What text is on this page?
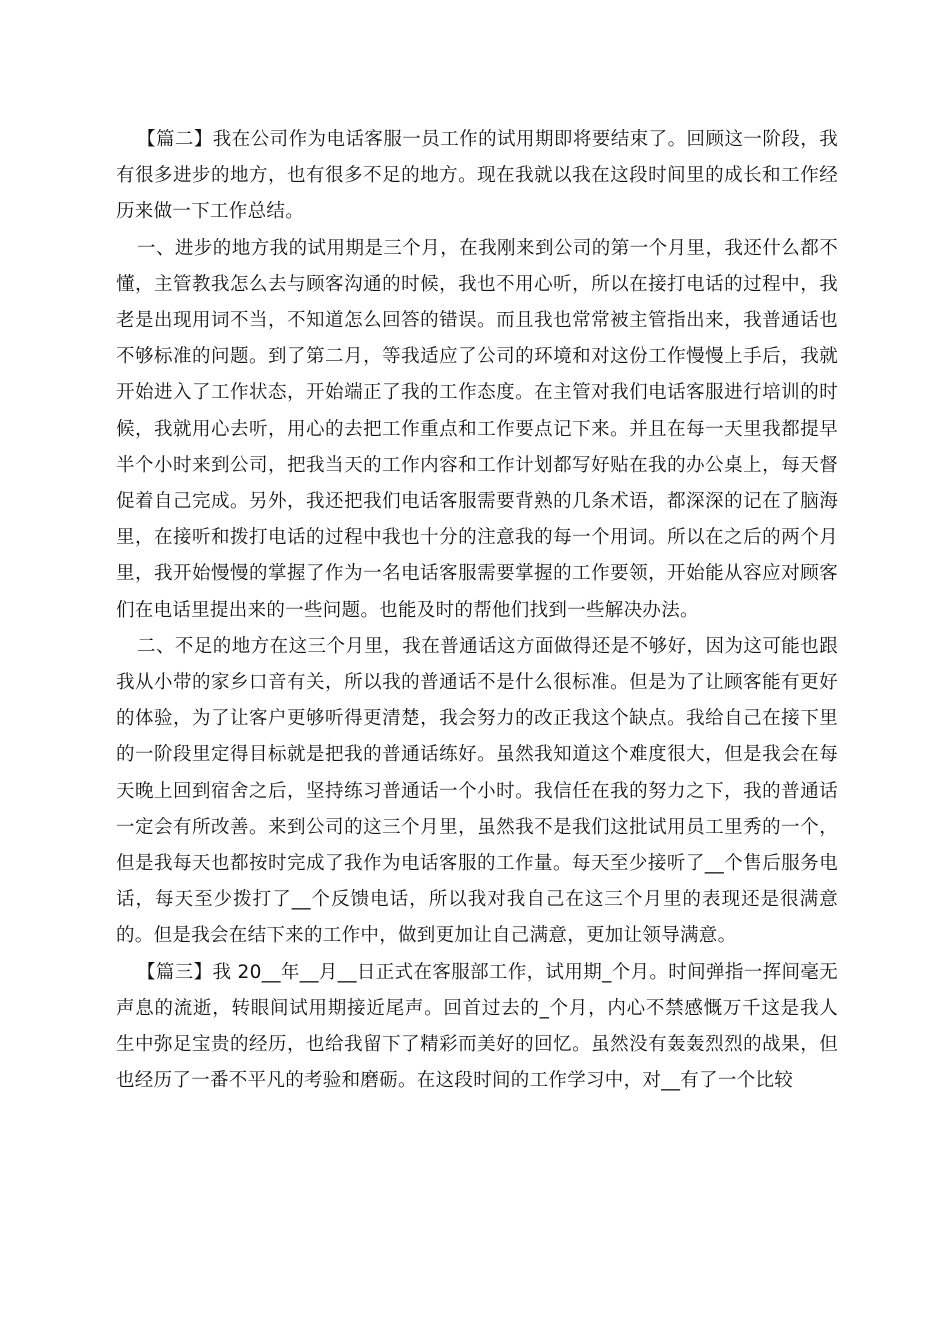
【篇二】我在公司作为电话客服一员工作的试用期即将要结束了。回顾这一阶段，我有很多进步的地方，也有很多不足的地方。现在我就以我在这段时间里的成长和工作经历来做一下工作总结。

一、进步的地方我的试用期是三个月，在我刚来到公司的第一个月里，我还什么都不懂，主管教我怎么去与顾客沟通的时候，我也不用心听，所以在接打电话的过程中，我老是出现用词不当，不知道怎么回答的错误。而且我也常常被主管指出来，我普通话也不够标准的问题。到了第二月，等我适应了公司的环境和对这份工作慢慢上手后，我就开始进入了工作状态，开始端正了我的工作态度。在主管对我们电话客服进行培训的时候，我就用心去听，用心的去把工作重点和工作要点记下来。并且在每一天里我都提早半个小时来到公司，把我当天的工作内容和工作计划都写好贴在我的办公桌上，每天督促着自己完成。另外，我还把我们电话客服需要背熟的几条术语，都深深的记在了脑海里，在接听和拨打电话的过程中我也十分的注意我的每一个用词。所以在之后的两个月里，我开始慢慢的掌握了作为一名电话客服需要掌握的工作要领，开始能从容应对顾客们在电话里提出来的一些问题。也能及时的帮他们找到一些解决办法。

二、不足的地方在这三个月里，我在普通话这方面做得还是不够好，因为这可能也跟我从小带的家乡口音有关，所以我的普通话不是什么很标准。但是为了让顾客能有更好的体验，为了让客户更够听得更清楚，我会努力的改正我这个缺点。我给自己在接下里的一阶段里定得目标就是把我的普通话练好。虽然我知道这个难度很大，但是我会在每天晚上回到宿舍之后，坚持练习普通话一个小时。我信任在我的努力之下，我的普通话一定会有所改善。来到公司的这三个月里，虽然我不是我们这批试用员工里秀的一个，但是我每天也都按时完成了我作为电话客服的工作量。每天至少接听了__个售后服务电话，每天至少拨打了__个反馈电话，所以我对我自己在这三个月里的表现还是很满意的。但是我会在结下来的工作中，做到更加让自己满意，更加让领导满意。

【篇三】我 20__年__月__日正式在客服部工作，试用期_个月。时间弹指一挥间毫无声息的流逝，转眼间试用期接近尾声。回首过去的_个月，内心不禁感慨万千这是我人生中弥足宝贵的经历，也给我留下了精彩而美好的回忆。虽然没有轰轰烈烈的战果，但也经历了一番不平凡的考验和磨砺。在这段时间的工作学习中，对__有了一个比较
